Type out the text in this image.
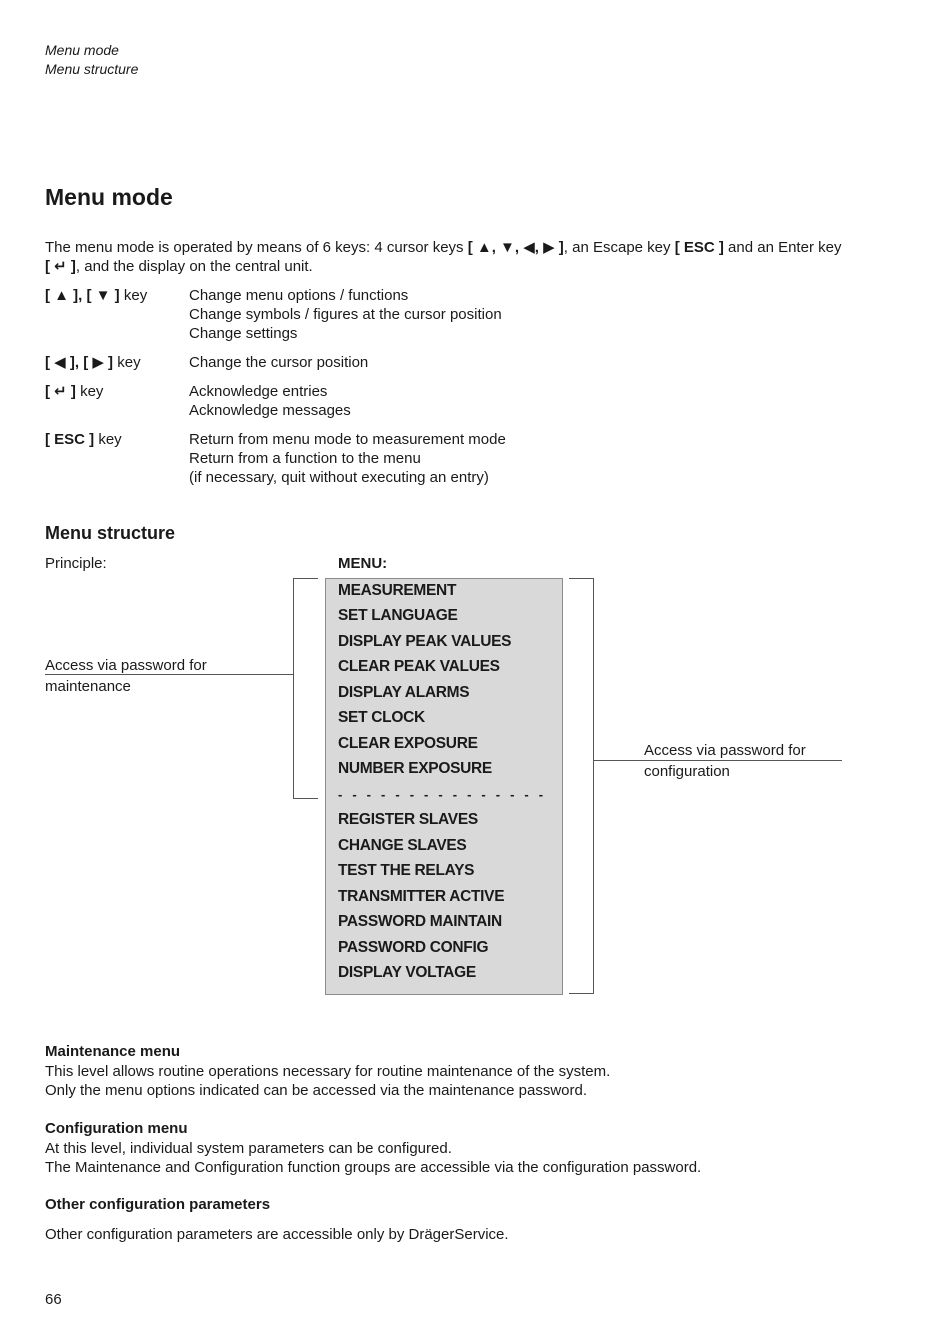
Menu mode
Menu structure
Menu mode
The menu mode is operated by means of 6 keys: 4 cursor keys [ ▲, ▼, ◀, ▶ ], an Escape key [ ESC ] and an Enter key [ ↵ ], and the display on the central unit.
[ ▲ ], [ ▼ ] key	Change menu options / functions
Change symbols / figures at the cursor position
Change settings
[ ◀ ], [ ▶ ] key	Change the cursor position
[ ↵ ] key	Acknowledge entries
Acknowledge messages
[ ESC ] key	Return from menu mode to measurement mode
Return from a function to the menu
(if necessary, quit without executing an entry)
Menu structure
Principle:	MENU:
MEASUREMENT
SET LANGUAGE
DISPLAY PEAK VALUES
CLEAR PEAK VALUES
DISPLAY ALARMS
SET CLOCK
CLEAR EXPOSURE
NUMBER EXPOSURE
- - - - - - - - - - - - - - -
REGISTER SLAVES
CHANGE SLAVES
TEST THE RELAYS
TRANSMITTER ACTIVE
PASSWORD MAINTAIN
PASSWORD CONFIG
DISPLAY VOLTAGE
Access via password for
maintenance
Access via password for
configuration
Maintenance menu
This level allows routine operations necessary for routine maintenance of the system.
Only the menu options indicated can be accessed via the maintenance password.
Configuration menu
At this level, individual system parameters can be configured.
The Maintenance and Configuration function groups are accessible via the configuration password.
Other configuration parameters
Other configuration parameters are accessible only by DrägerService.
66
